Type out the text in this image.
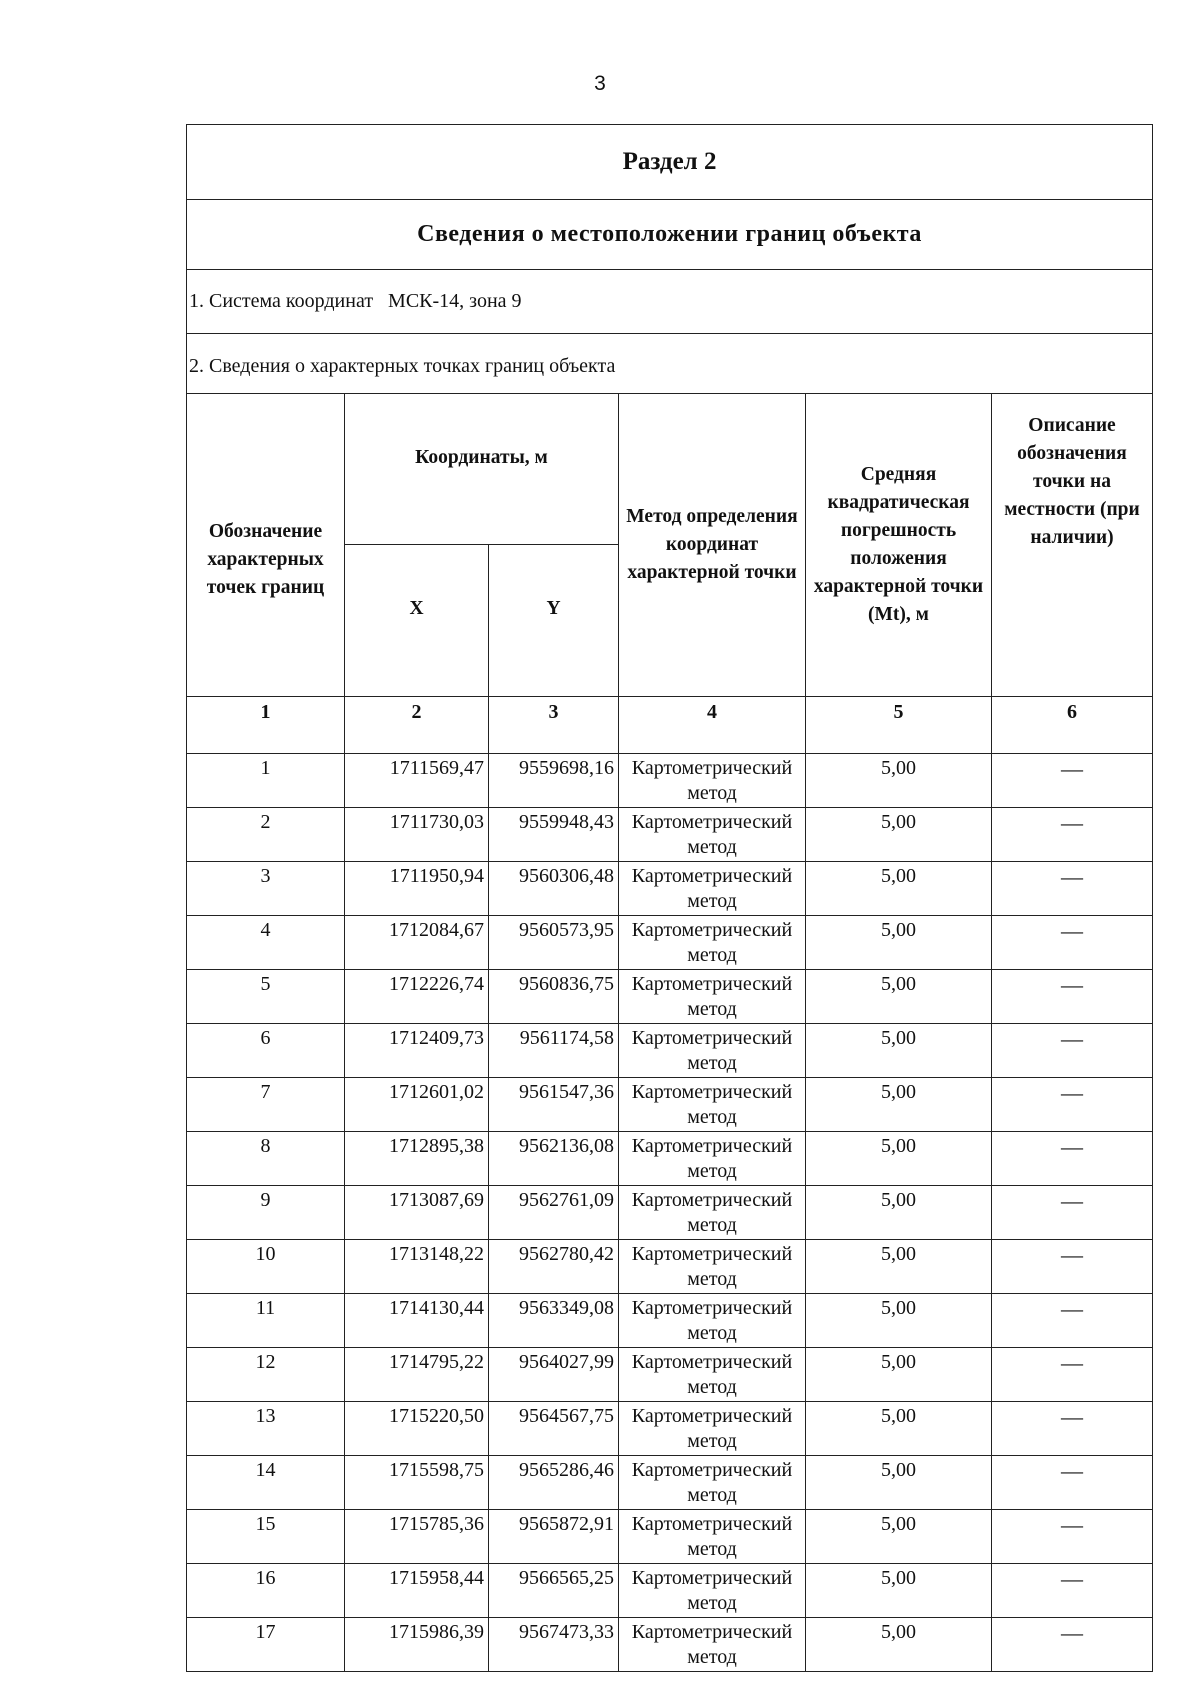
3
Раздел 2					
Сведения о местоположении границ объекта					
1. Система координат   МСК-14, зона 9					
2. Сведения о характерных точках границ объекта					
Обозначение характерных точек границ	Координаты, м		Метод определения координат характерной точки	Средняя квадратическая погрешность положения характерной точки (Mt), м	Описание обозначения точки на местности (при наличии)
	X	Y			
1	2	3	4	5	6
1	1711569,47	9559698,16	Картометрический метод	5,00	—
2	1711730,03	9559948,43	Картометрический метод	5,00	—
3	1711950,94	9560306,48	Картометрический метод	5,00	—
4	1712084,67	9560573,95	Картометрический метод	5,00	—
5	1712226,74	9560836,75	Картометрический метод	5,00	—
6	1712409,73	9561174,58	Картометрический метод	5,00	—
7	1712601,02	9561547,36	Картометрический метод	5,00	—
8	1712895,38	9562136,08	Картометрический метод	5,00	—
9	1713087,69	9562761,09	Картометрический метод	5,00	—
10	1713148,22	9562780,42	Картометрический метод	5,00	—
11	1714130,44	9563349,08	Картометрический метод	5,00	—
12	1714795,22	9564027,99	Картометрический метод	5,00	—
13	1715220,50	9564567,75	Картометрический метод	5,00	—
14	1715598,75	9565286,46	Картометрический метод	5,00	—
15	1715785,36	9565872,91	Картометрический метод	5,00	—
16	1715958,44	9566565,25	Картометрический метод	5,00	—
17	1715986,39	9567473,33	Картометрический метод	5,00	—
